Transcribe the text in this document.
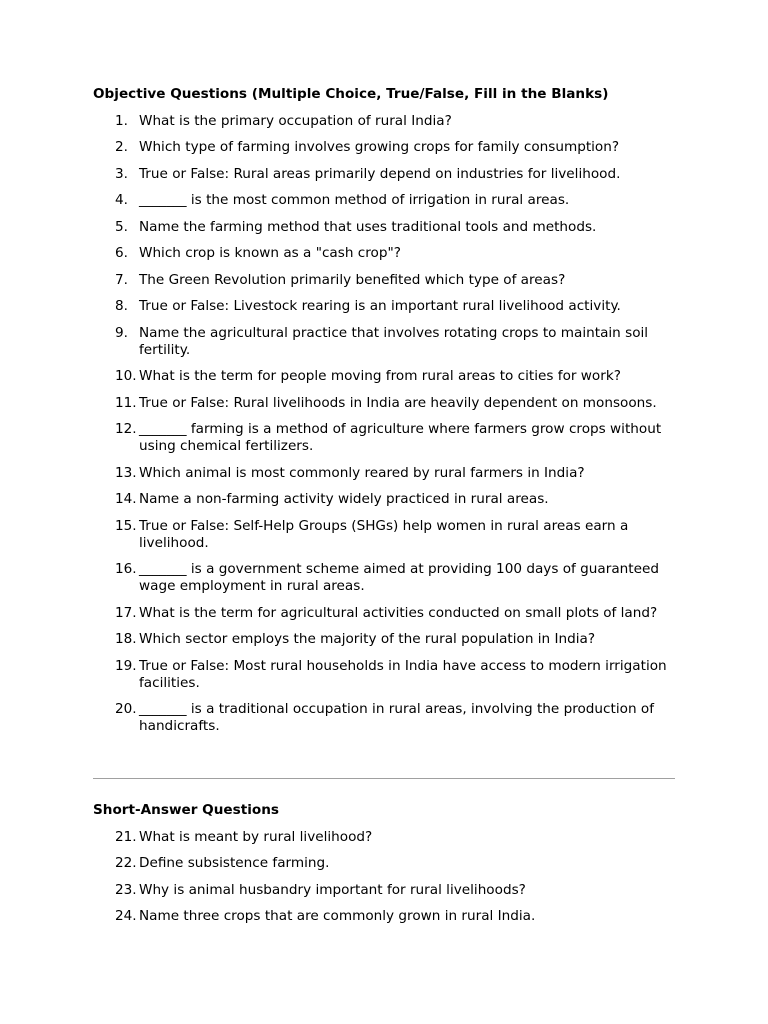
Objective Questions (Multiple Choice, True/False, Fill in the Blanks)

1. What is the primary occupation of rural India?
2. Which type of farming involves growing crops for family consumption?
3. True or False: Rural areas primarily depend on industries for livelihood.
4. _______ is the most common method of irrigation in rural areas.
5. Name the farming method that uses traditional tools and methods.
6. Which crop is known as a "cash crop"?
7. The Green Revolution primarily benefited which type of areas?
8. True or False: Livestock rearing is an important rural livelihood activity.
9. Name the agricultural practice that involves rotating crops to maintain soil fertility.
10. What is the term for people moving from rural areas to cities for work?
11. True or False: Rural livelihoods in India are heavily dependent on monsoons.
12. _______ farming is a method of agriculture where farmers grow crops without using chemical fertilizers.
13. Which animal is most commonly reared by rural farmers in India?
14. Name a non-farming activity widely practiced in rural areas.
15. True or False: Self-Help Groups (SHGs) help women in rural areas earn a livelihood.
16. _______ is a government scheme aimed at providing 100 days of guaranteed wage employment in rural areas.
17. What is the term for agricultural activities conducted on small plots of land?
18. Which sector employs the majority of the rural population in India?
19. True or False: Most rural households in India have access to modern irrigation facilities.
20. _______ is a traditional occupation in rural areas, involving the production of handicrafts.

Short-Answer Questions

21. What is meant by rural livelihood?
22. Define subsistence farming.
23. Why is animal husbandry important for rural livelihoods?
24. Name three crops that are commonly grown in rural India.
